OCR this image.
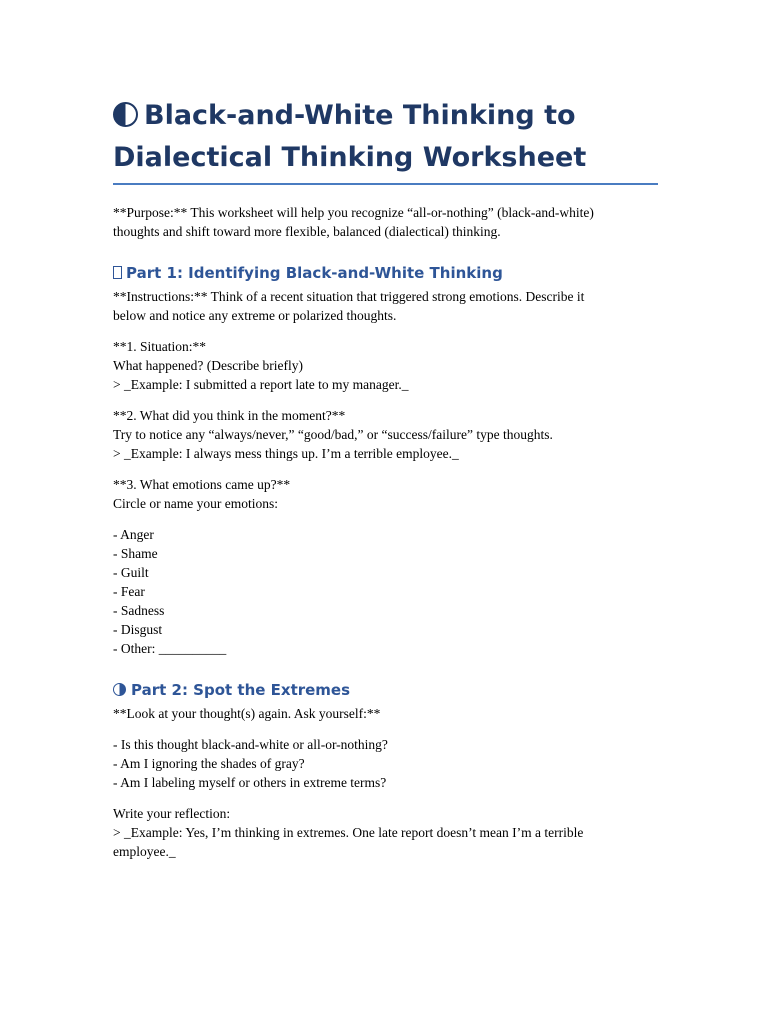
Black-and-White Thinking to
Dialectical Thinking Worksheet

**Purpose:** This worksheet will help you recognize “all-or-nothing” (black-and-white)
thoughts and shift toward more flexible, balanced (dialectical) thinking.

Part 1: Identifying Black-and-White Thinking

**Instructions:** Think of a recent situation that triggered strong emotions. Describe it
below and notice any extreme or polarized thoughts.

**1. Situation:**
What happened? (Describe briefly)
> _Example: I submitted a report late to my manager._

**2. What did you think in the moment?**
Try to notice any “always/never,” “good/bad,” or “success/failure” type thoughts.
> _Example: I always mess things up. I’m a terrible employee._

**3. What emotions came up?**
Circle or name your emotions:

- Anger
- Shame
- Guilt
- Fear
- Sadness
- Disgust
- Other: __________
Part 2: Spot the Extremes

**Look at your thought(s) again. Ask yourself:**

- Is this thought black-and-white or all-or-nothing?
- Am I ignoring the shades of gray?
- Am I labeling myself or others in extreme terms?

Write your reflection:
> _Example: Yes, I’m thinking in extremes. One late report doesn’t mean I’m a terrible
employee._
